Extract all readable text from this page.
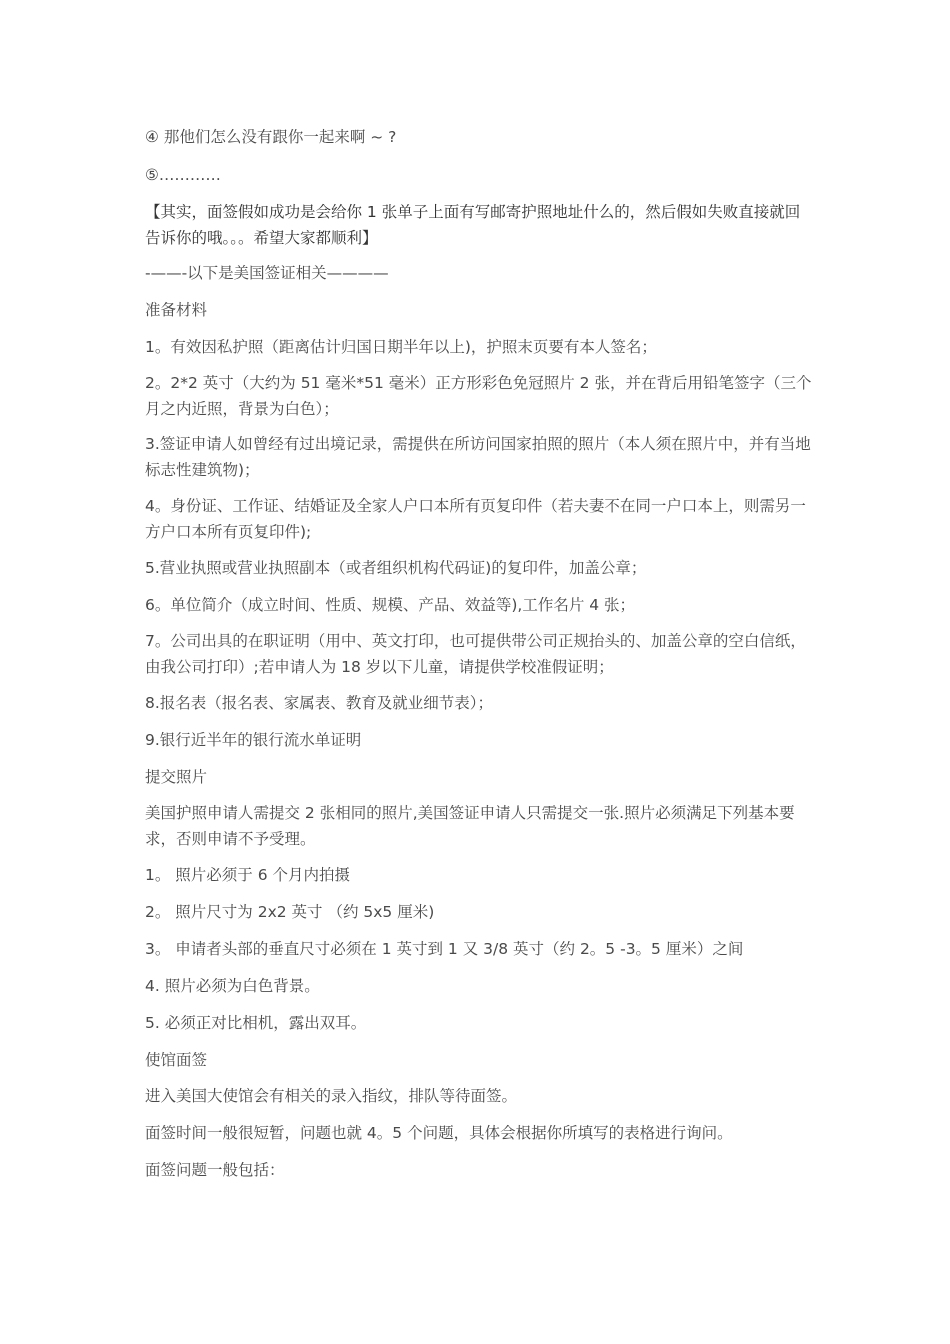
④ 那他们怎么没有跟你一起来啊 ~ ?

⑤…………

【其实，面签假如成功是会给你 1 张单子上面有写邮寄护照地址什么的，然后假如失败直接就回告诉你的哦。。。希望大家都顺利】

-——-以下是美国签证相关————

准备材料

1。有效因私护照（距离估计归国日期半年以上)，护照末页要有本人签名；

2。2*2 英寸（大约为 51 毫米*51 毫米）正方形彩色免冠照片 2 张，并在背后用铅笔签字（三个月之内近照，背景为白色）；

3.签证申请人如曾经有过出境记录，需提供在所访问国家拍照的照片（本人须在照片中，并有当地标志性建筑物)；

4。身份证、工作证、结婚证及全家人户口本所有页复印件（若夫妻不在同一户口本上，则需另一方户口本所有页复印件);

5.营业执照或营业执照副本（或者组织机构代码证)的复印件，加盖公章；

6。单位简介（成立时间、性质、规模、产品、效益等),工作名片 4 张；

7。公司出具的在职证明（用中、英文打印，也可提供带公司正规抬头的、加盖公章的空白信纸，由我公司打印）;若申请人为 18 岁以下儿童，请提供学校准假证明；

8.报名表（报名表、家属表、教育及就业细节表）；

9.银行近半年的银行流水单证明

提交照片

美国护照申请人需提交 2 张相同的照片,美国签证申请人只需提交一张.照片必须满足下列基本要求，否则申请不予受理。

1。 照片必须于 6 个月内拍摄

2。 照片尺寸为 2x2 英寸 （约 5x5 厘米)

3。 申请者头部的垂直尺寸必须在 1 英寸到 1 又 3/8 英寸（约 2。5 -3。5 厘米）之间

4. 照片必须为白色背景。

5. 必须正对比相机，露出双耳。

使馆面签

进入美国大使馆会有相关的录入指纹，排队等待面签。

面签时间一般很短暂，问题也就 4。5 个问题，具体会根据你所填写的表格进行询问。

面签问题一般包括：
